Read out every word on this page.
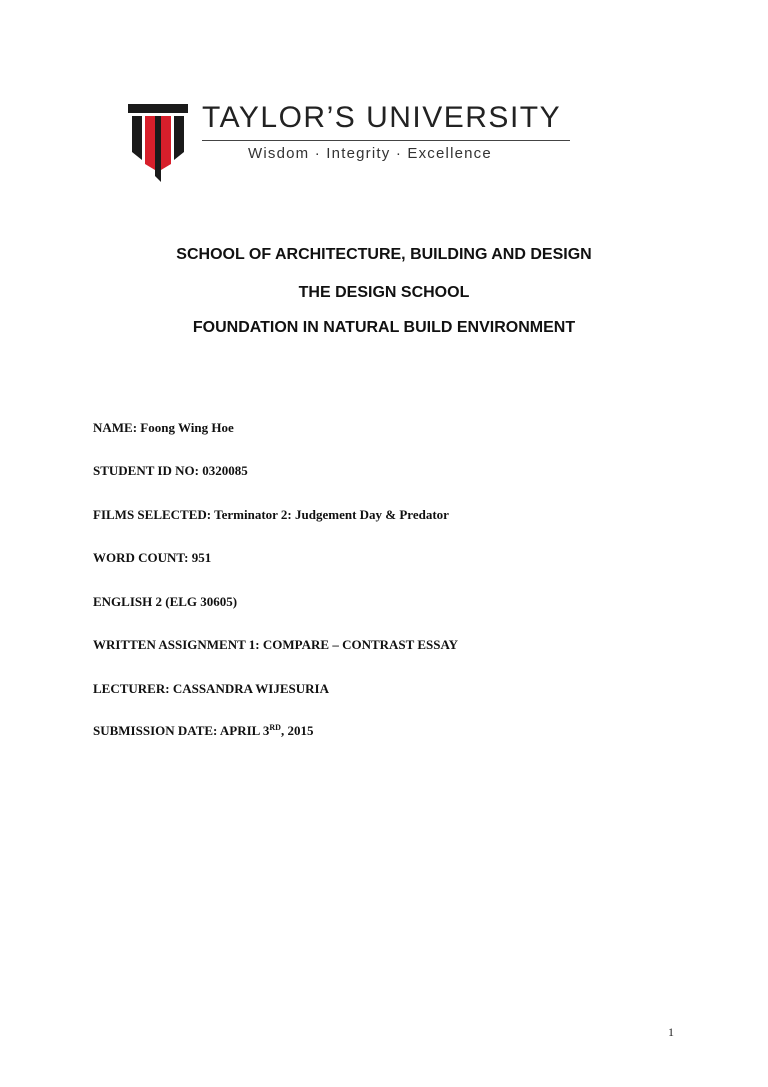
TAYLOR’S UNIVERSITY
Wisdom · Integrity · Excellence
SCHOOL OF ARCHITECTURE, BUILDING AND DESIGN
THE DESIGN SCHOOL
FOUNDATION IN NATURAL BUILD ENVIRONMENT
NAME: Foong Wing Hoe
STUDENT ID NO: 0320085
FILMS SELECTED: Terminator 2: Judgement Day & Predator
WORD COUNT: 951
ENGLISH 2 (ELG 30605)
WRITTEN ASSIGNMENT 1: COMPARE – CONTRAST ESSAY
LECTURER: CASSANDRA WIJESURIA
SUBMISSION DATE: APRIL 3RD, 2015
1
